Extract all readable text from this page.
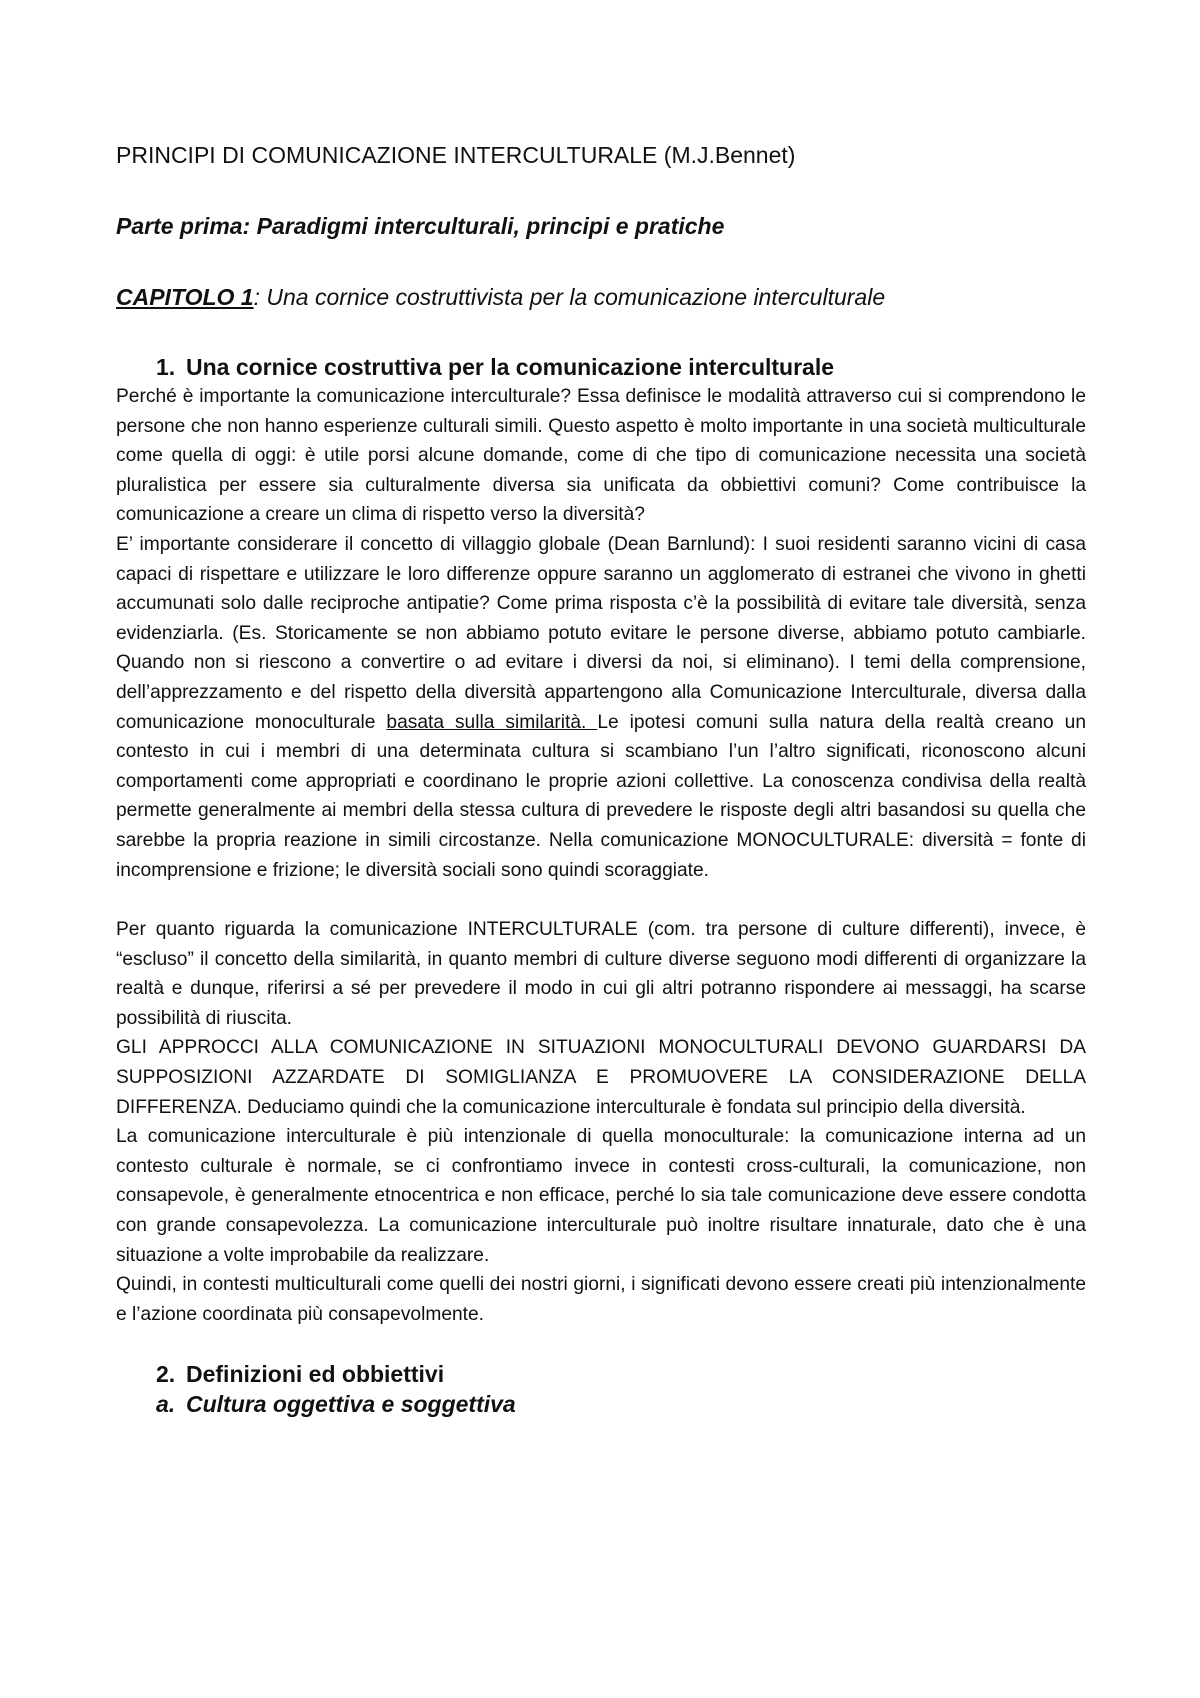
PRINCIPI DI COMUNICAZIONE INTERCULTURALE (M.J.Bennet)

Parte prima: Paradigmi interculturali, principi e pratiche

CAPITOLO 1: Una cornice costruttivista per la comunicazione interculturale

1. Una cornice costruttiva per la comunicazione interculturale

Perché è importante la comunicazione interculturale? Essa definisce le modalità attraverso cui si comprendono le persone che non hanno esperienze culturali simili. Questo aspetto è molto importante in una società multiculturale come quella di oggi: è utile porsi alcune domande, come di che tipo di comunicazione necessita una società pluralistica per essere sia culturalmente diversa sia unificata da obbiettivi comuni? Come contribuisce la comunicazione a creare un clima di rispetto verso la diversità?

E’ importante considerare il concetto di villaggio globale (Dean Barnlund): I suoi residenti saranno vicini di casa capaci di rispettare e utilizzare le loro differenze oppure saranno un agglomerato di estranei che vivono in ghetti accumunati solo dalle reciproche antipatie? Come prima risposta c’è la possibilità di evitare tale diversità, senza evidenziarla. (Es. Storicamente se non abbiamo potuto evitare le persone diverse, abbiamo potuto cambiarle. Quando non si riescono a convertire o ad evitare i diversi da noi, si eliminano). I temi della comprensione, dell’apprezzamento e del rispetto della diversità appartengono alla Comunicazione Interculturale, diversa dalla comunicazione monoculturale basata sulla similarità. Le ipotesi comuni sulla natura della realtà creano un contesto in cui i membri di una determinata cultura si scambiano l’un l’altro significati, riconoscono alcuni comportamenti come appropriati e coordinano le proprie azioni collettive. La conoscenza condivisa della realtà permette generalmente ai membri della stessa cultura di prevedere le risposte degli altri basandosi su quella che sarebbe la propria reazione in simili circostanze. Nella comunicazione MONOCULTURALE: diversità = fonte di incomprensione e frizione; le diversità sociali sono quindi scoraggiate.

Per quanto riguarda la comunicazione INTERCULTURALE (com. tra persone di culture differenti), invece, è “escluso” il concetto della similarità, in quanto membri di culture diverse seguono modi differenti di organizzare la realtà e dunque, riferirsi a sé per prevedere il modo in cui gli altri potranno rispondere ai messaggi, ha scarse possibilità di riuscita.

GLI APPROCCI ALLA COMUNICAZIONE IN SITUAZIONI MONOCULTURALI DEVONO GUARDARSI DA SUPPOSIZIONI AZZARDATE DI SOMIGLIANZA E PROMUOVERE LA CONSIDERAZIONE DELLA DIFFERENZA. Deduciamo quindi che la comunicazione interculturale è fondata sul principio della diversità.

La comunicazione interculturale è più intenzionale di quella monoculturale: la comunicazione interna ad un contesto culturale è normale, se ci confrontiamo invece in contesti cross-culturali, la comunicazione, non consapevole, è generalmente etnocentrica e non efficace, perché lo sia tale comunicazione deve essere condotta con grande consapevolezza. La comunicazione interculturale può inoltre risultare innaturale, dato che è una situazione a volte improbabile da realizzare.

Quindi, in contesti multiculturali come quelli dei nostri giorni, i significati devono essere creati più intenzionalmente e l’azione coordinata più consapevolmente.

2. Definizioni ed obbiettivi
a. Cultura oggettiva e soggettiva
